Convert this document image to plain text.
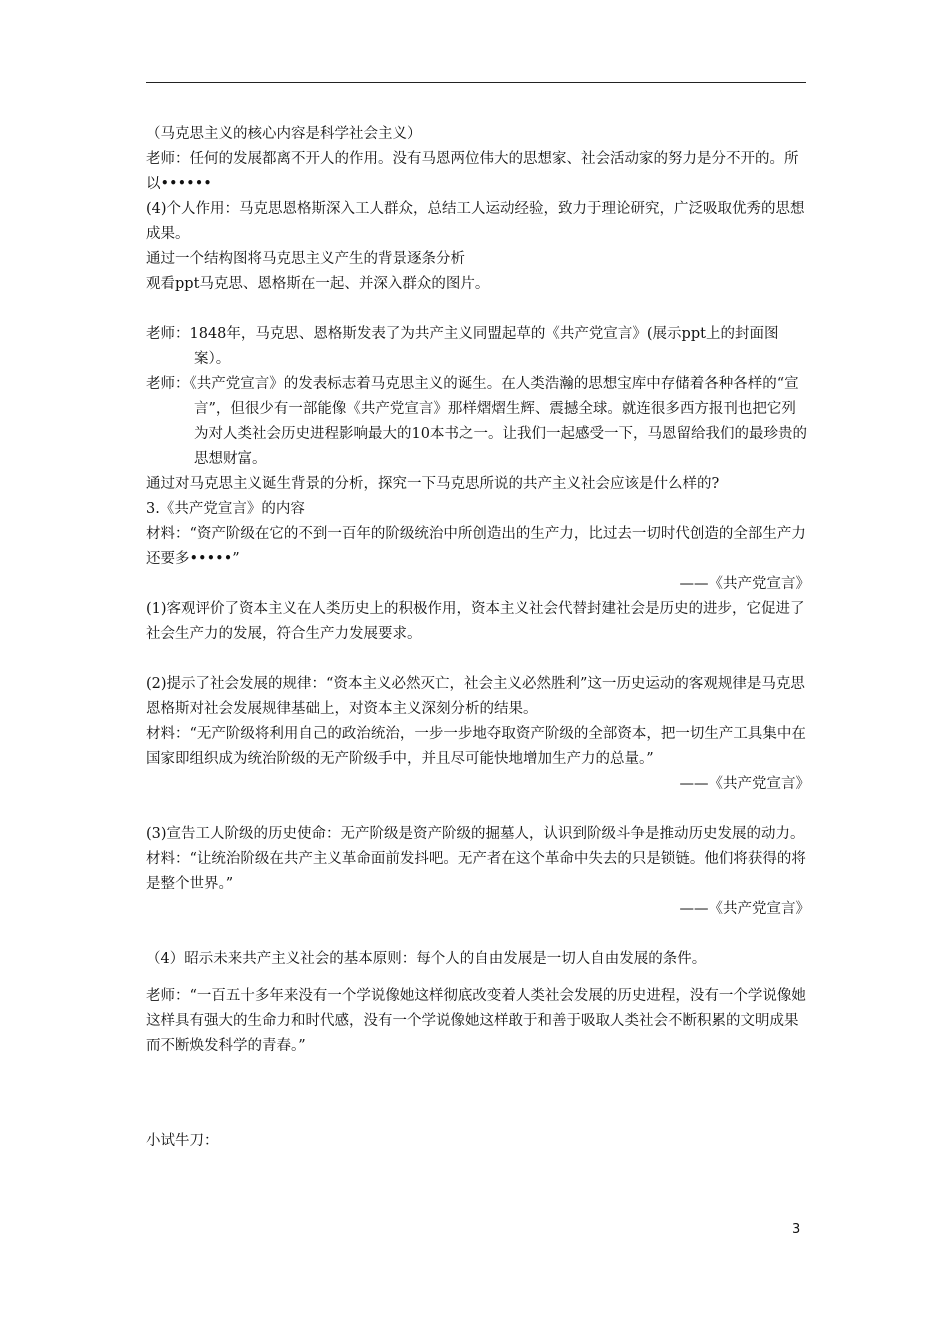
（马克思主义的核心内容是科学社会主义）

老师：任何的发展都离不开人的作用。没有马恩两位伟大的思想家、社会活动家的努力是分不开的。所以••••••

(4)个人作用：马克思恩格斯深入工人群众，总结工人运动经验，致力于理论研究，广泛吸取优秀的思想成果。

通过一个结构图将马克思主义产生的背景逐条分析

观看ppt马克思、恩格斯在一起、并深入群众的图片。

老师：1848年，马克思、恩格斯发表了为共产主义同盟起草的《共产党宣言》(展示ppt上的封面图案）。

老师：《共产党宣言》的发表标志着马克思主义的诞生。在人类浩瀚的思想宝库中存储着各种各样的“宣言”，但很少有一部能像《共产党宣言》那样熠熠生辉、震撼全球。就连很多西方报刊也把它列为对人类社会历史进程影响最大的10本书之一。让我们一起感受一下，马恩留给我们的最珍贵的思想财富。

通过对马克思主义诞生背景的分析，探究一下马克思所说的共产主义社会应该是什么样的?

3.《共产党宣言》的内容

材料：“资产阶级在它的不到一百年的阶级统治中所创造出的生产力，比过去一切时代创造的全部生产力还要多•••••”

——《共产党宣言》

(1)客观评价了资本主义在人类历史上的积极作用，资本主义社会代替封建社会是历史的进步，它促进了社会生产力的发展，符合生产力发展要求。

(2)提示了社会发展的规律：“资本主义必然灭亡，社会主义必然胜利”这一历史运动的客观规律是马克思恩格斯对社会发展规律基础上，对资本主义深刻分析的结果。

材料：“无产阶级将利用自己的政治统治，一步一步地夺取资产阶级的全部资本，把一切生产工具集中在国家即组织成为统治阶级的无产阶级手中，并且尽可能快地增加生产力的总量。”

——《共产党宣言》

(3)宣告工人阶级的历史使命：无产阶级是资产阶级的掘墓人，认识到阶级斗争是推动历史发展的动力。

材料：“让统治阶级在共产主义革命面前发抖吧。无产者在这个革命中失去的只是锁链。他们将获得的将是整个世界。”

——《共产党宣言》

（4）昭示未来共产主义社会的基本原则：每个人的自由发展是一切人自由发展的条件。

老师：“一百五十多年来没有一个学说像她这样彻底改变着人类社会发展的历史进程，没有一个学说像她这样具有强大的生命力和时代感，没有一个学说像她这样敢于和善于吸取人类社会不断积累的文明成果而不断焕发科学的青春。”

小试牛刀：

3
